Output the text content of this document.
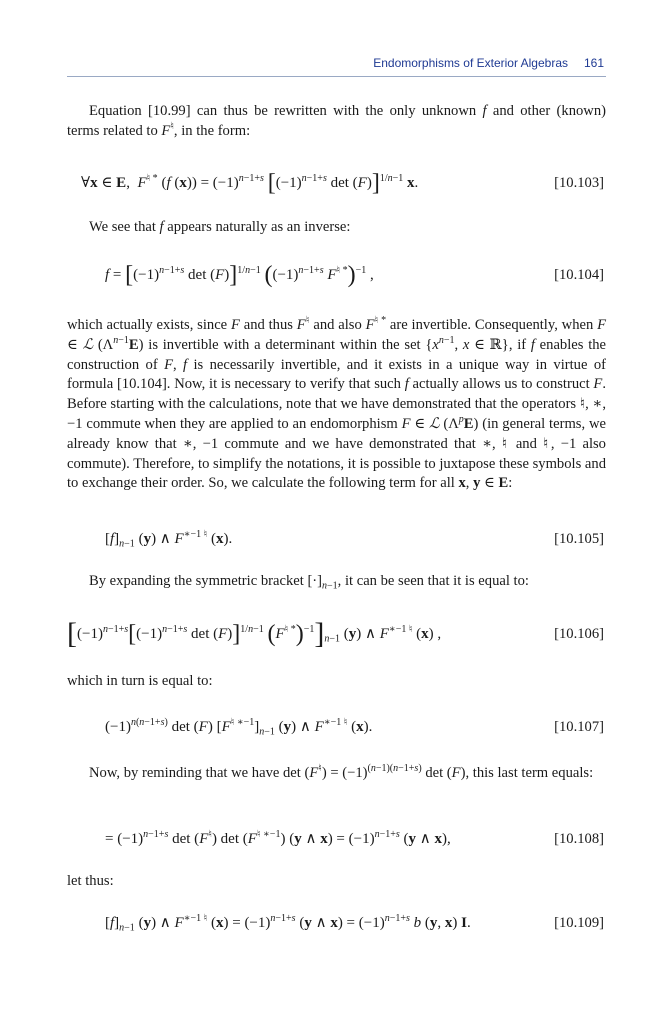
Endomorphisms of Exterior Algebras 161

Equation [10.99] can thus be rewritten with the only unknown f and other (known) terms related to F♮, in the form:

∀x ∈ E,  F♮ * (f $(x)) = (-1)^{n-1+s}$ [$(-1)^{n-1+s}$ det (F)]$^{1/n-1}$ x.	[10.103]

We see that f appears naturally as an inverse:

$f = [(-1)^{n-1+s}$ det (F)]$^{1/n-1}$ ($(-1)^{n-1+s}$ F♮ *)$^{-1}$ ,	[10.104]

which actually exists, since F and thus F♮ and also F♮ * are invertible. Consequently, when F ∈ ℒ $(\Lambda^{n-1}E)$ is invertible with a determinant within the set {$x^{n-1}$, x ∈ ℝ}, if f enables the construction of F, f is necessarily invertible, and it exists in a unique way in virtue of formula [10.104]. Now, it is necessary to verify that such f actually allows us to construct F. Before starting with the calculations, note that we have demonstrated that the operators ♮, ∗, −1 commute when they are applied to an endomorphism F ∈ ℒ $(\Lambda^pE)$ (in general terms, we already know that ∗, −1 commute and we have demonstrated that ∗, ♮ and ♮, −1 also commute). Therefore, to simplify the notations, it is possible to juxtapose these symbols and to exchange their order. So, we calculate the following term for all x, y ∈ E:

$[f]_{n-1}$ (y) ∧ $F^{∗-1 ♮}$ (x).	[10.105]

By expanding the symmetric bracket $[\cdot]_{n-1}$, it can be seen that it is equal to:

[$(-1)^{n-1+s}[(-1)^{n-1+s}$ det (F)]$^{1/n-1}$ $(F^{♮ *})^{-1}]_{n-1}$ (y) ∧ $F^{∗-1 ♮}$ (x) ,	[10.106]

which in turn is equal to:

$(-1)^{n(n-1+s)}$ det (F) $[F^{♮ ∗-1}]_{n-1}$ (y) ∧ $F^{∗-1 ♮}$ (x).	[10.107]

Now, by reminding that we have $\det (F^♮) = (-1)^{(n-1)(n-1+s)}$ det (F), this last term equals:

= $(-1)^{n-1+s}$ det (F♮) $\det (F^{♮ ∗-1})$ (y ∧ $x) = (-1)^{n-1+s}$ (y ∧ x),	[10.108]

let thus:

$[f]_{n-1}$ (y) ∧ $F^{∗-1 ♮}$ $(x) = (-1)^{n-1+s}$ (y ∧ $x) = (-1)^{n-1+s}$ b (y, x) I.	[10.109]
